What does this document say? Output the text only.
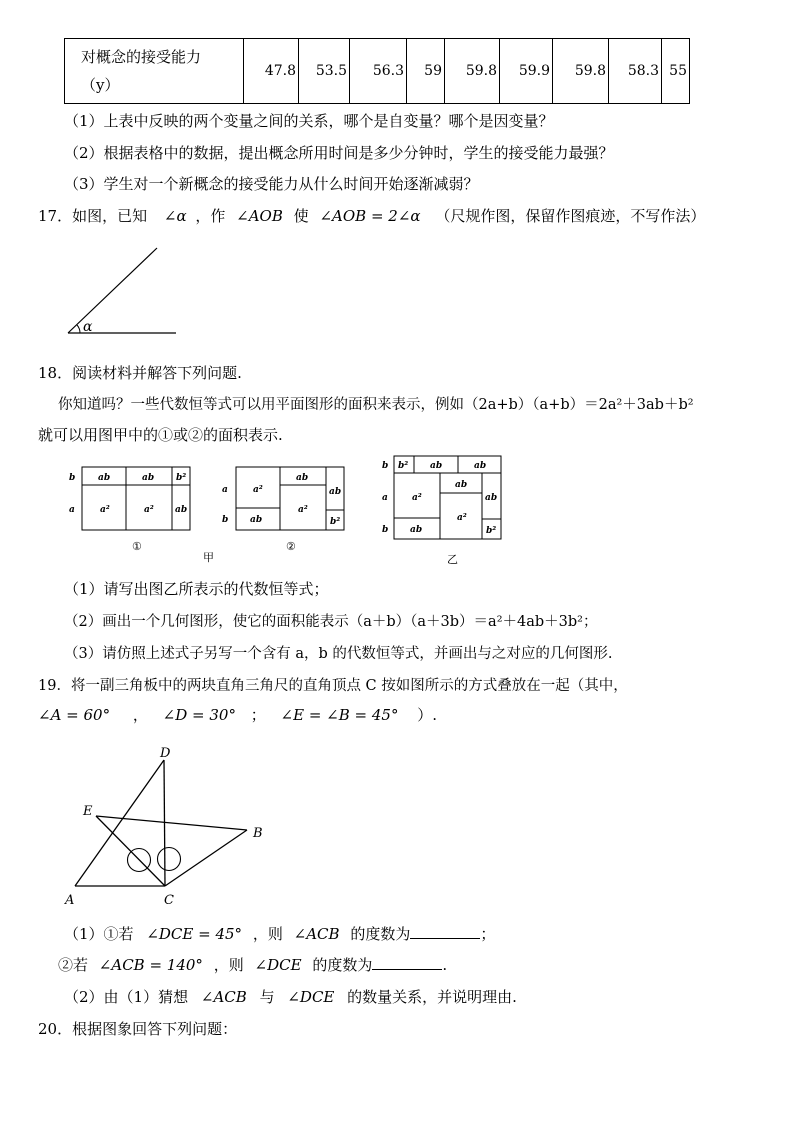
对概念的接受能力
（y）	47.8	53.5	56.3	59	59.8	59.9	59.8	58.3	55
（1）上表中反映的两个变量之间的关系，哪个是自变量？哪个是因变量？
（2）根据表格中的数据，提出概念所用时间是多少分钟时，学生的接受能力最强？
（3）学生对一个新概念的接受能力从什么时间开始逐渐减弱？
17．如图，已知 ∠α ，作 ∠AOB 使 ∠AOB = 2∠α （尺规作图，保留作图痕迹，不写作法）
α
18．阅读材料并解答下列问题.
你知道吗？一些代数恒等式可以用平面图形的面积来表示，例如（2a+b）（a+b）＝2a²＋3ab＋b²
就可以用图甲中的①或②的面积表示.
b
a
ab	ab b²
a²	a² ab
①
a
b
a²
ab
ab
a²
ab
b²
②
甲
b
a
b
b² ab	ab
a²
ab
ab
a²
ab
b²
乙
（1）请写出图乙所表示的代数恒等式；
（2）画出一个几何图形，使它的面积能表示（a＋b）（a＋3b）＝a²＋4ab＋3b²；
（3）请仿照上述式子另写一个含有 a，b 的代数恒等式，并画出与之对应的几何图形.
19．将一副三角板中的两块直角三角尺的直角顶点 C 按如图所示的方式叠放在一起（其中，
∠A = 60° ， ∠D = 30° ； ∠E = ∠B = 45° ）.
D
E
B
A	C
（1）①若 ∠DCE = 45° ，则 ∠ACB 的度数为	；
②若 ∠ACB = 140° ，则 ∠DCE 的度数为	.
（2）由（1）猜想 ∠ACB 与 ∠DCE 的数量关系，并说明理由.
20．根据图象回答下列问题：
